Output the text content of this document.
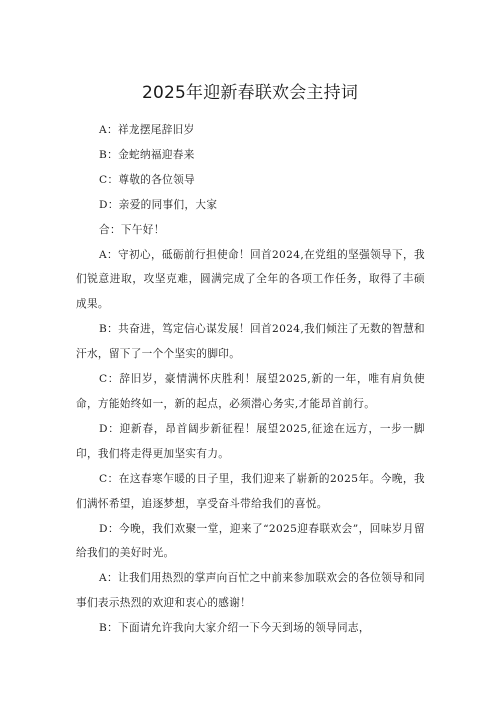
2025年迎新春联欢会主持词

A：祥龙摆尾辞旧岁

B：金蛇纳福迎春来

C：尊敬的各位领导

D：亲爱的同事们，大家

合：下午好！

A：守初心，砥砺前行担使命！回首2024,在党组的坚强领导下，我们锐意进取，攻坚克难，圆满完成了全年的各项工作任务，取得了丰硕成果。

B：共奋进，笃定信心谋发展！回首2024,我们倾注了无数的智慧和汗水，留下了一个个坚实的脚印。

C：辞旧岁，豪情满怀庆胜利！展望2025,新的一年，唯有肩负使命，方能始终如一，新的起点，必须潜心务实,才能昂首前行。

D：迎新春，昂首阔步新征程！展望2025,征途在远方，一步一脚印，我们将走得更加坚实有力。

C：在这春寒乍暖的日子里，我们迎来了崭新的2025年。今晚，我们满怀希望，追逐梦想，享受奋斗带给我们的喜悦。

D：今晚，我们欢聚一堂，迎来了“2025迎春联欢会”，回味岁月留给我们的美好时光。

A：让我们用热烈的掌声向百忙之中前来参加联欢会的各位领导和同事们表示热烈的欢迎和衷心的感谢！

B：下面请允许我向大家介绍一下今天到场的领导同志，
